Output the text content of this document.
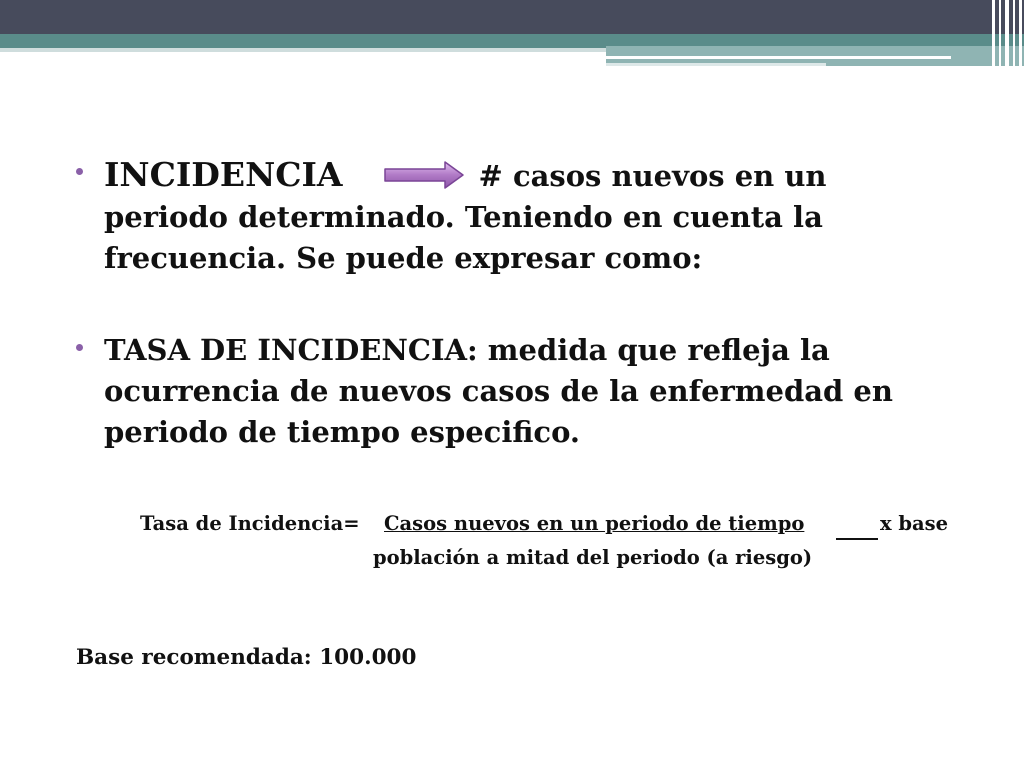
INCIDENCIA	# casos nuevos en un periodo determinado. Teniendo en cuenta la frecuencia. Se puede expresar como:
TASA DE INCIDENCIA: medida que refleja la ocurrencia de nuevos casos de la enfermedad en periodo de tiempo especifico.
Tasa de Incidencia= Casos nuevos en un periodo de tiempo	x base
población a mitad del periodo (a riesgo)
Base recomendada: 100.000
